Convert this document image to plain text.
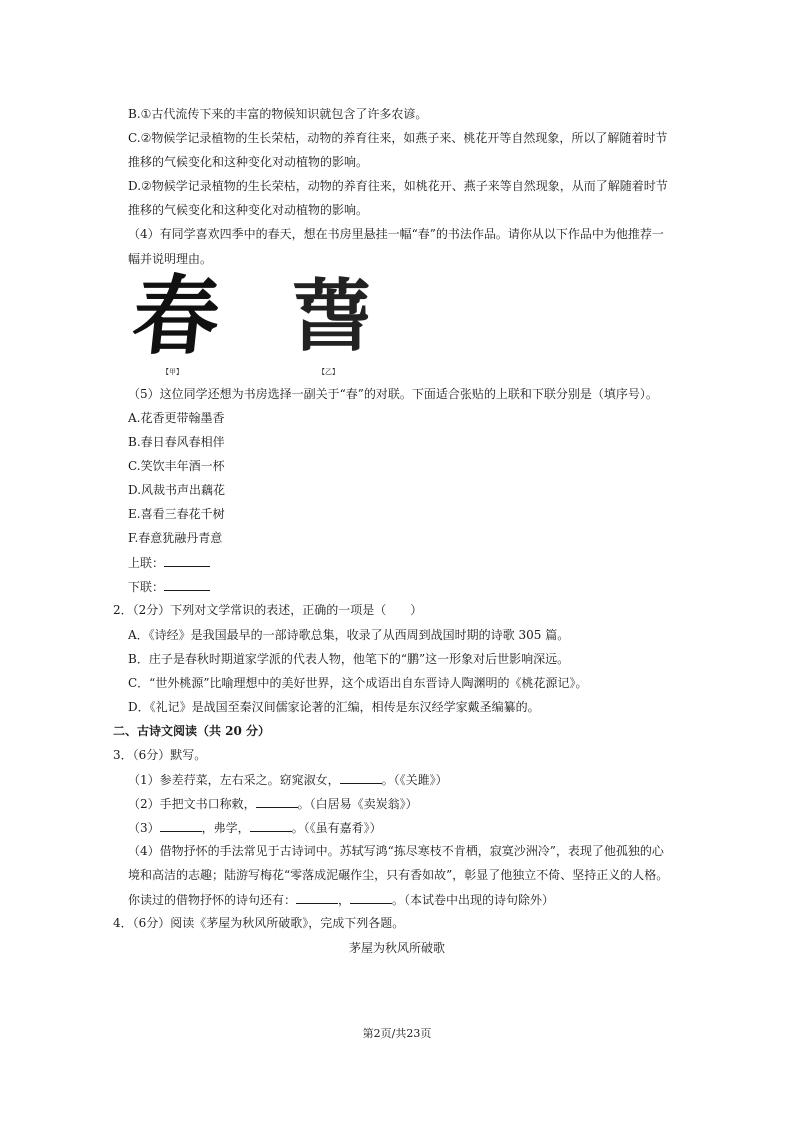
B.①古代流传下来的丰富的物候知识就包含了许多农谚。
C.②物候学记录植物的生长荣枯，动物的养育往来，如燕子来、桃花开等自然现象，所以了解随着时节
推移的气候变化和这种变化对动植物的影响。
D.②物候学记录植物的生长荣枯，动物的养育往来，如桃花开、燕子来等自然现象，从而了解随着时节
推移的气候变化和这种变化对动植物的影响。
（4）有同学喜欢四季中的春天，想在书房里悬挂一幅“春”的书法作品。请你从以下作品中为他推荐一
幅并说明理由。
春
【甲】
萅
【乙】
（5）这位同学还想为书房选择一副关于“春”的对联。下面适合张贴的上联和下联分别是（填序号）。
A.花香更带翰墨香
B.春日春风春相伴
C.笑饮丰年酒一杯
D.风裁书声出藕花
E.喜看三春花千树
F.春意犹融丹青意
上联：
下联：
2．（2分）下列对文学常识的表述，正确的一项是（　　）
A．《诗经》是我国最早的一部诗歌总集，收录了从西周到战国时期的诗歌 305 篇。
B．庄子是春秋时期道家学派的代表人物，他笔下的“鹏”这一形象对后世影响深远。
C．“世外桃源”比喻理想中的美好世界，这个成语出自东晋诗人陶渊明的《桃花源记》。
D．《礼记》是战国至秦汉间儒家论著的汇编，相传是东汉经学家戴圣编纂的。
二、古诗文阅读（共 20 分）
3．（6分）默写。
（1）参差荇菜，左右采之。窈窕淑女，	。（《关雎》）
（2）手把文书口称敕，	。（白居易《卖炭翁》）
（3）	，弗学，	。（《虽有嘉肴》）
（4）借物抒怀的手法常见于古诗词中。苏轼写鸿“拣尽寒枝不肯栖，寂寞沙洲冷”，表现了他孤独的心
境和高洁的志趣；陆游写梅花“零落成泥碾作尘，只有香如故”，彰显了他独立不倚、坚持正义的人格。
你读过的借物抒怀的诗句还有：	，	。（本试卷中出现的诗句除外）
4．（6分）阅读《茅屋为秋风所破歌》，完成下列各题。
茅屋为秋风所破歌
第2页/共23页
